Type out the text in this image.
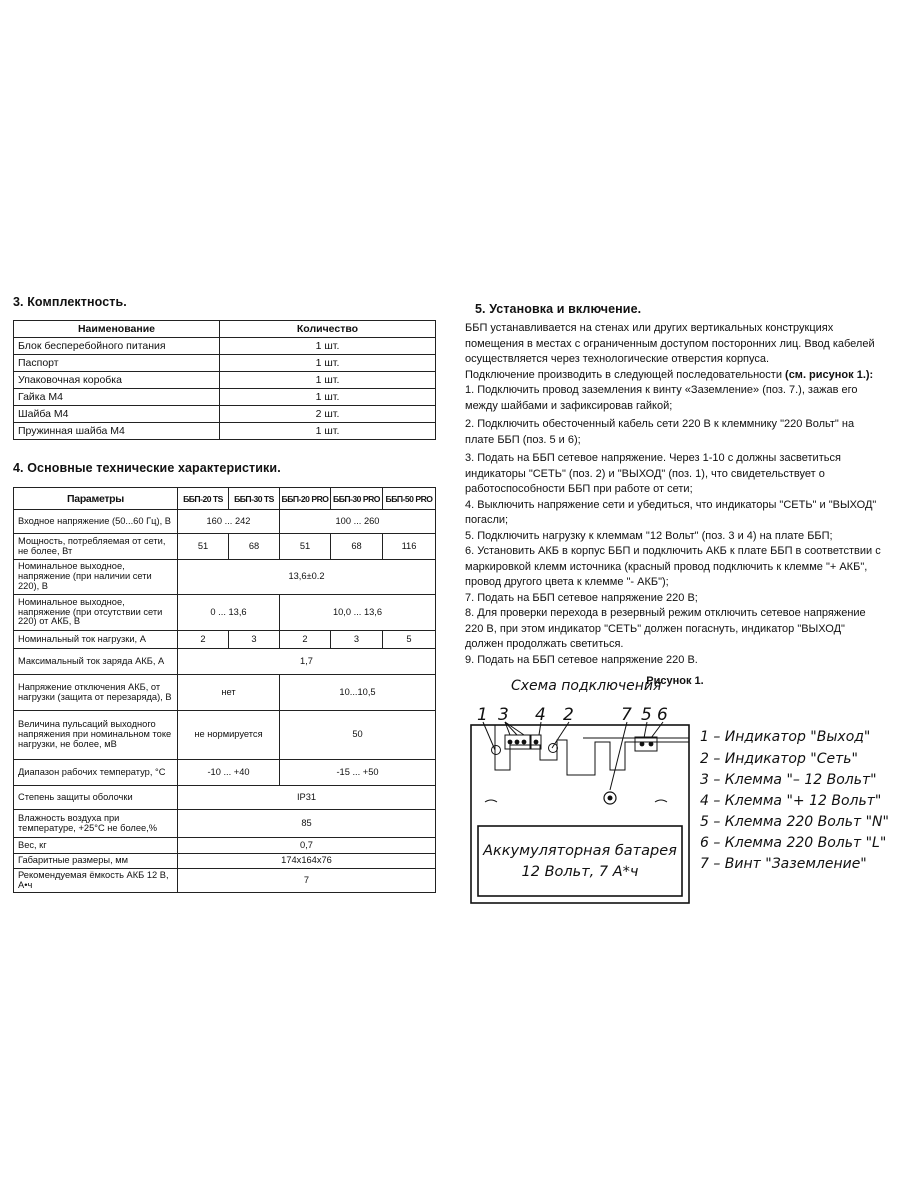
3. Комплектность.
Наименование	Количество
Блок бесперебойного питания	1 шт.
Паспорт	1 шт.
Упаковочная коробка	1 шт.
Гайка М4	1 шт.
Шайба М4	2 шт.
Пружинная шайба М4	1 шт.
4. Основные технические характеристики.
Параметры	ББП-20 TS	ББП-30 TS	ББП-20 PRO	ББП-30 PRO	ББП-50 PRO
Входное напряжение (50...60 Гц), В	160 ... 242		100 ... 260		
Мощность, потребляемая от сети, не более, Вт	51	68	51	68	116
Номинальное выходное, напряжение (при наличии сети 220), В	13,6±0.2				
Номинальное выходное, напряжение (при отсутствии сети 220) от АКБ, В	0 ... 13,6		10,0 ... 13,6		
Номинальный ток нагрузки, А	2	3	2	3	5
Максимальный ток заряда АКБ, А	1,7				
Напряжение отключения АКБ, от нагрузки (защита от перезаряда), В	нет		10...10,5		
Величина пульсаций выходного напряжения при номинальном токе нагрузки, не более, мВ	не нормируется		50		
Диапазон рабочих температур, °С	-10 ... +40		-15 ... +50		
Степень защиты оболочки	IP31				
Влажность воздуха при температуре, +25°С не более,%	85				
Вес, кг	0,7				
Габаритные размеры, мм	174x164x76				
Рекомендуемая ёмкость АКБ 12 В, А•ч	7				
5. Установка и включение.

ББП устанавливается на стенах или других вертикальных конструкциях помещения в местах с ограниченным доступом посторонних лиц. Ввод кабелей осуществляется через технологические отверстия корпуса.

Подключение производить в следующей последовательности (см. рисунок 1.):

1. Подключить провод заземления к винту «Заземление» (поз. 7.), зажав его между шайбами и зафиксировав гайкой;

2. Подключить обесточенный кабель сети 220 В к клеммнику "220 Вольт" на плате ББП (поз. 5 и 6);

3. Подать на ББП сетевое напряжение. Через 1-10 с должны засветиться индикаторы "СЕТЬ" (поз. 2) и "ВЫХОД" (поз. 1), что свидетельствует о работоспособности ББП при работе от сети;

4. Выключить напряжение сети и убедиться, что индикаторы "СЕТЬ" и "ВЫХОД" погасли;

5. Подключить нагрузку к клеммам "12 Вольт" (поз. 3 и 4) на плате ББП;

6. Установить АКБ в корпус ББП и подключить АКБ к плате ББП в соответствии с маркировкой клемм источника (красный провод подключить к клемме "+ АКБ", провод другого цвета к клемме "- АКБ");

7. Подать на ББП сетевое напряжение 220 В;

8. Для проверки перехода в резервный режим отключить сетевое напряжение 220 В, при этом индикатор "СЕТЬ" должен погаснуть, индикатор "ВЫХОД" должен продолжать светиться.

9. Подать на ББП сетевое напряжение 220 В.

Рисунок 1.
Схема подключения
1 3 4 2	7 5 6
Аккумуляторная батарея
12 Вольт, 7 А*ч
1 – Индикатор "Выход"
2 – Индикатор "Сеть"
3 – Клемма "– 12 Вольт"
4 – Клемма "+ 12 Вольт"
5 – Клемма 220 Вольт "N"
6 – Клемма 220 Вольт "L"
7 – Винт "Заземление"
